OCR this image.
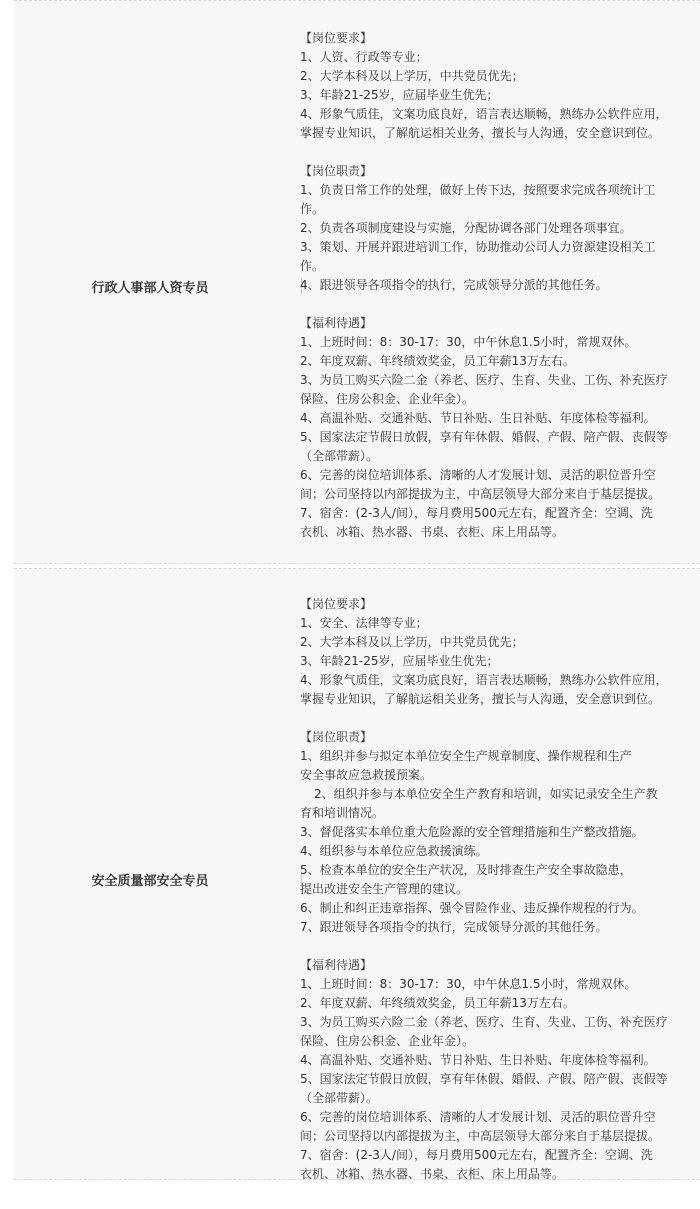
行政人事部人资专员
【岗位要求】
1、人资、行政等专业；
2、大学本科及以上学历，中共党员优先；
3、年龄21-25岁，应届毕业生优先；
4、形象气质佳，文案功底良好，语言表达顺畅，熟练办公软件应用，
掌握专业知识，了解航运相关业务，擅长与人沟通，安全意识到位。
【岗位职责】
1、负责日常工作的处理，做好上传下达，按照要求完成各项统计工
作。
2、负责各项制度建设与实施，分配协调各部门处理各项事宜。
3、策划、开展并跟进培训工作，协助推动公司人力资源建设相关工
作。
4、跟进领导各项指令的执行，完成领导分派的其他任务。
【福利待遇】
1、上班时间：8：30-17：30，中午休息1.5小时，常规双休。
2、年度双薪、年终绩效奖金，员工年薪13万左右。
3、为员工购买六险二金（养老、医疗、生育、失业、工伤、补充医疗
保险、住房公积金、企业年金）。
4、高温补贴、交通补贴、节日补贴、生日补贴、年度体检等福利。
5、国家法定节假日放假，享有年休假、婚假、产假、陪产假、丧假等
（全部带薪）。
6、完善的岗位培训体系、清晰的人才发展计划、灵活的职位晋升空
间；公司坚持以内部提拔为主，中高层领导大部分来自于基层提拔。
7、宿舍：(2-3人/间），每月费用500元左右，配置齐全：空调、洗
衣机、冰箱、热水器、书桌、衣柜、床上用品等。
安全质量部安全专员
【岗位要求】
1、安全、法律等专业；
2、大学本科及以上学历，中共党员优先；
3、年龄21-25岁，应届毕业生优先；
4、形象气质佳，文案功底良好，语言表达顺畅，熟练办公软件应用，
掌握专业知识，了解航运相关业务，擅长与人沟通，安全意识到位。
【岗位职责】
1、组织并参与拟定本单位安全生产规章制度、操作规程和生产
安全事故应急救援预案。
2、组织并参与本单位安全生产教育和培训，如实记录安全生产教
育和培训情况。
3、督促落实本单位重大危险源的安全管理措施和生产整改措施。
4、组织参与本单位应急救援演练。
5、检查本单位的安全生产状况，及时排查生产安全事故隐患，
提出改进安全生产管理的建议。
6、制止和纠正违章指挥、强令冒险作业、违反操作规程的行为。
7、跟进领导各项指令的执行，完成领导分派的其他任务。
【福利待遇】
1、上班时间：8：30-17：30，中午休息1.5小时，常规双休。
2、年度双薪、年终绩效奖金，员工年薪13万左右。
3、为员工购买六险二金（养老、医疗、生育、失业、工伤、补充医疗
保险、住房公积金、企业年金）。
4、高温补贴、交通补贴、节日补贴、生日补贴、年度体检等福利。
5、国家法定节假日放假，享有年休假、婚假、产假、陪产假、丧假等
（全部带薪）。
6、完善的岗位培训体系、清晰的人才发展计划、灵活的职位晋升空
间；公司坚持以内部提拔为主，中高层领导大部分来自于基层提拔。
7、宿舍：(2-3人/间），每月费用500元左右，配置齐全：空调、洗
衣机、冰箱、热水器、书桌、衣柜、床上用品等。
